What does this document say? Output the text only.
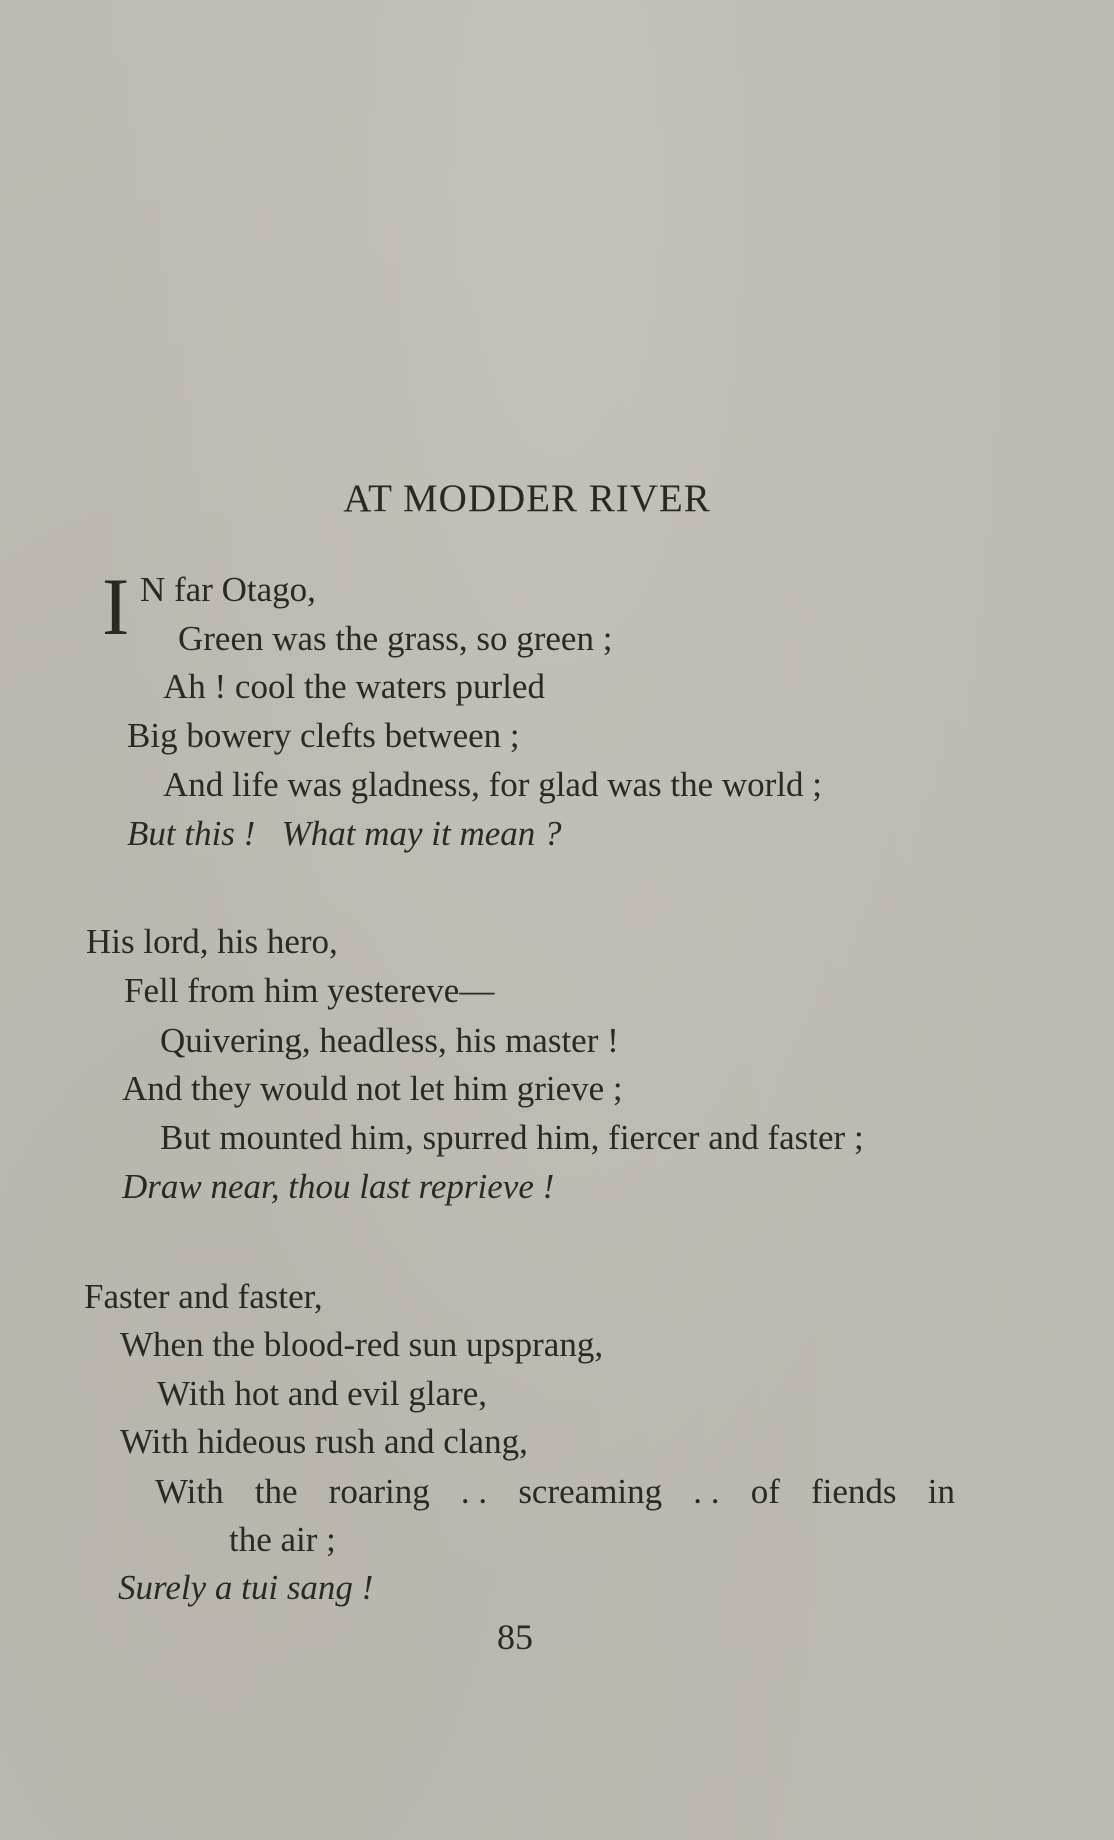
AT MODDER RIVER
I N far Otago,

Green was the grass, so green ;

Ah ! cool the waters purled

Big bowery clefts between ;

And life was gladness, for glad was the world ;

But this !   What may it mean ?

His lord, his hero,

Fell from him yestereve—

Quivering, headless, his master !

And they would not let him grieve ;

But mounted him, spurred him, fiercer and faster ;

Draw near, thou last reprieve !

Faster and faster,

When the blood-red sun upsprang,

With hot and evil glare,

With hideous rush and clang,

With the roaring . . screaming . . of fiends in

the air ;

Surely a tui sang !

85
